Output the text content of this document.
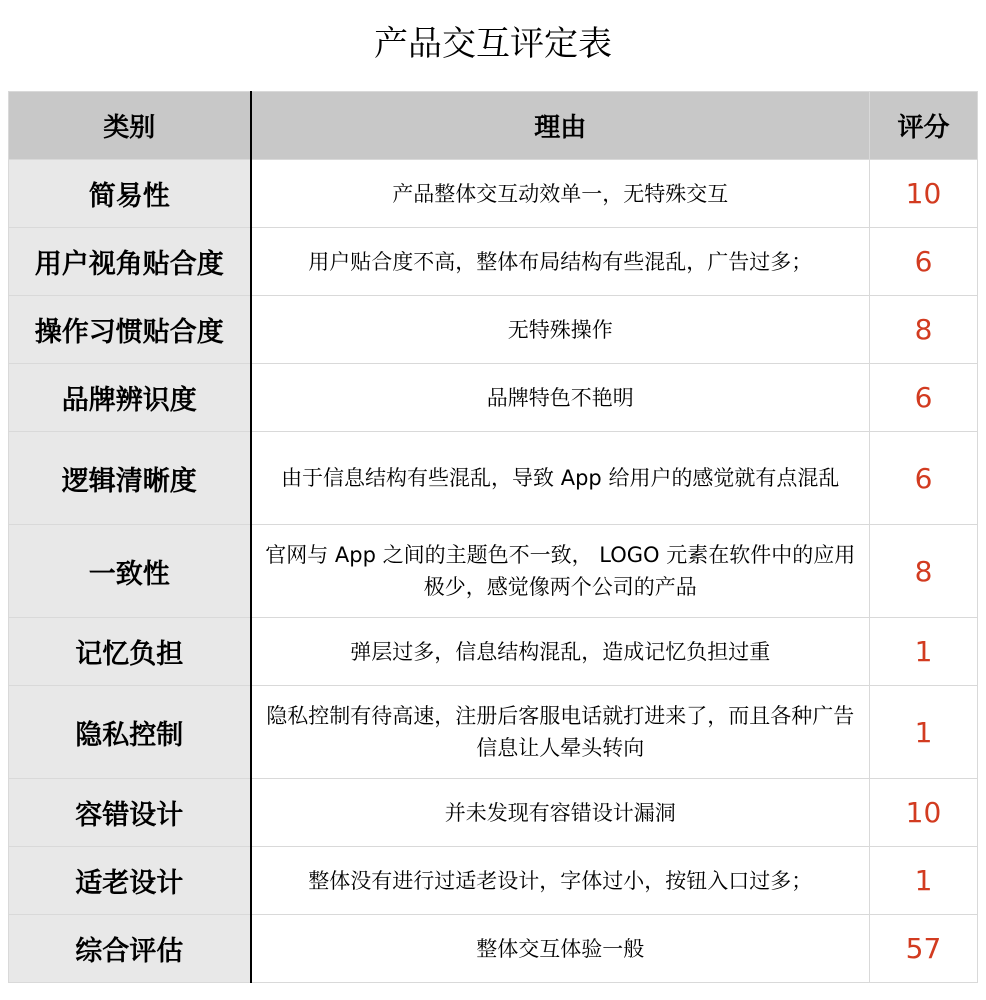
产品交互评定表
类别	理由	评分
简易性	产品整体交互动效单一，无特殊交互	10
用户视角贴合度	用户贴合度不高，整体布局结构有些混乱，广告过多；	6
操作习惯贴合度	无特殊操作	8
品牌辨识度	品牌特色不艳明	6
逻辑清晰度	由于信息结构有些混乱，导致 App 给用户的感觉就有点混乱	6
一致性	官网与 App 之间的主题色不一致， LOGO 元素在软件中的应用极少，感觉像两个公司的产品	8
记忆负担	弹层过多，信息结构混乱，造成记忆负担过重	1
隐私控制	隐私控制有待高速，注册后客服电话就打进来了，而且各种广告信息让人晕头转向	1
容错设计	并未发现有容错设计漏洞	10
适老设计	整体没有进行过适老设计，字体过小，按钮入口过多；	1
综合评估	整体交互体验一般	57
